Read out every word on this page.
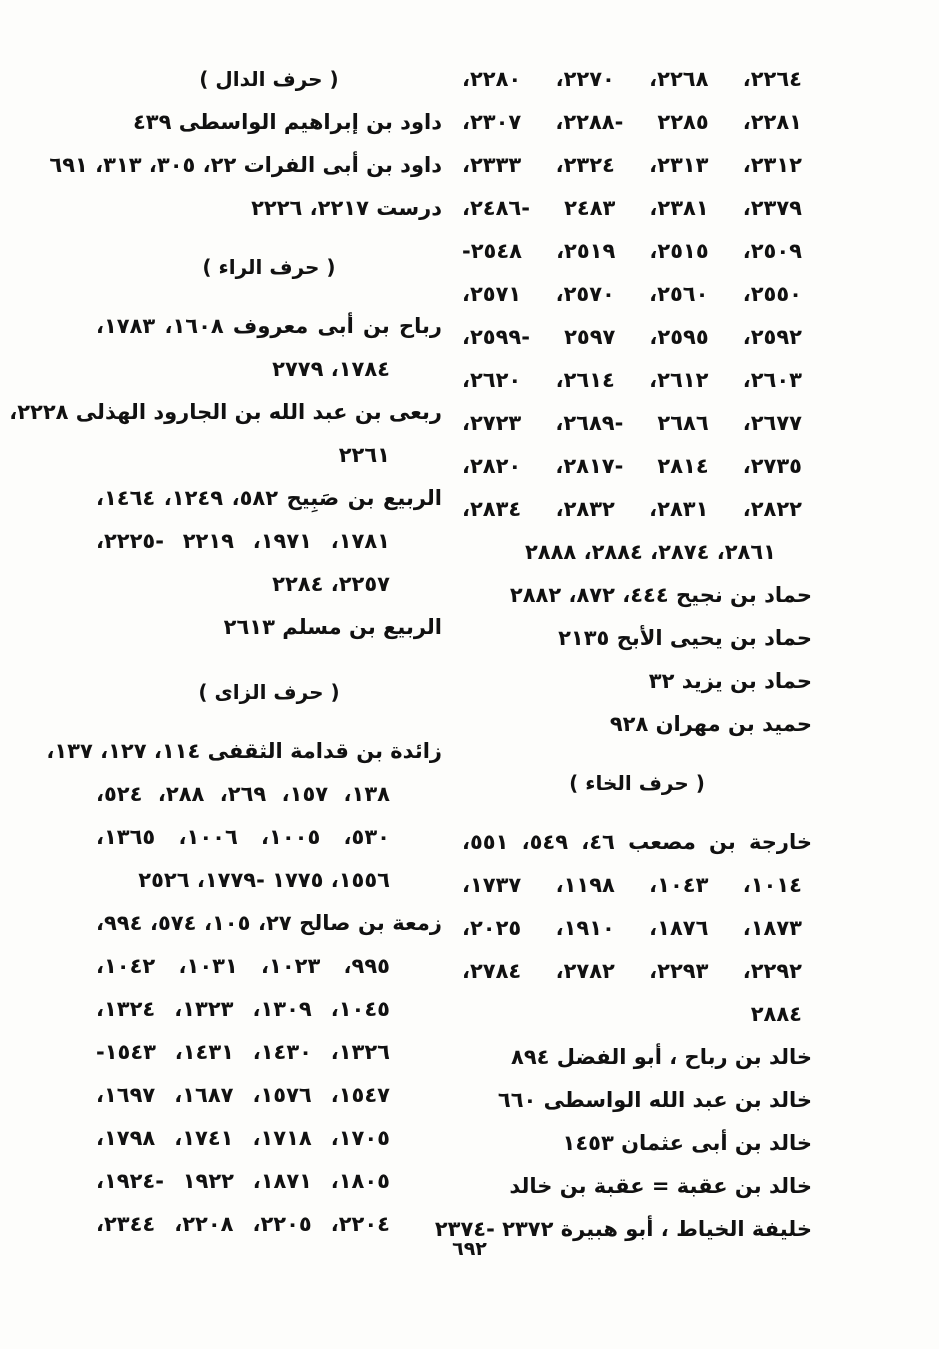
٢٢٦٤، ٢٢٦٨، ٢٢٧٠، ٢٢٨٠،
٢٢٨١، ٢٢٨٥ -٢٢٨٨، ٢٣٠٧،
٢٣١٢، ٢٣١٣، ٢٣٢٤، ٢٣٣٣،
٢٣٧٩، ٢٣٨١، ٢٤٨٣ -٢٤٨٦،
٢٥٠٩، ٢٥١٥، ٢٥١٩، ٢٥٤٨-
٢٥٥٠، ٢٥٦٠، ٢٥٧٠، ٢٥٧١،
٢٥٩٢، ٢٥٩٥، ٢٥٩٧ -٢٥٩٩،
٢٦٠٣، ٢٦١٢، ٢٦١٤، ٢٦٢٠،
٢٦٧٧، ٢٦٨٦ -٢٦٨٩، ٢٧٢٣،
٢٧٣٥، ٢٨١٤ -٢٨١٧، ٢٨٢٠،
٢٨٢٢، ٢٨٣١، ٢٨٣٢، ٢٨٣٤،
٢٨٦١، ٢٨٧٤، ٢٨٨٤، ٢٨٨٨
حماد بن نجيح ٤٤٤، ٨٧٢، ٢٨٨٢
حماد بن يحيى الأبح ٢١٣٥
حماد بن يزيد ٣٢
حميد بن مهران ٩٢٨
( حرف الخاء )
خارجة بن مصعب ٤٦، ٥٤٩، ٥٥١،
١٠١٤، ١٠٤٣، ١١٩٨، ١٧٣٧،
١٨٧٣، ١٨٧٦، ١٩١٠، ٢٠٢٥،
٢٢٩٢، ٢٢٩٣، ٢٧٨٢، ٢٧٨٤،
٢٨٨٤
خالد بن رباح ، أبو الفضل ٨٩٤
خالد بن عبد الله الواسطى ٦٦٠
خالد بن أبى عثمان ١٤٥٣
خالد بن عقبة = عقبة بن خالد
خليفة الخياط ، أبو هبيرة ٢٣٧٢ -٢٣٧٤
( حرف الدال )
داود بن إبراهيم الواسطى ٤٣٩
داود بن أبى الفرات ٢٢، ٣٠٥، ٣١٣، ٦٩١
درست ٢٢١٧، ٢٢٢٦
( حرف الراء )
رباح بن أبى معروف ١٦٠٨، ١٧٨٣،
١٧٨٤، ٢٧٧٩
ربعى بن عبد الله بن الجارود الهذلى ٢٢٢٨،
٢٢٦١
الربيع بن صَبِيح ٥٨٢، ١٢٤٩، ١٤٦٤،
١٧٨١، ١٩٧١، ٢٢١٩ -٢٢٢٥،
٢٢٥٧، ٢٢٨٤
الربيع بن مسلم ٢٦١٣
( حرف الزاى )
زائدة بن قدامة الثقفى ١١٤، ١٢٧، ١٣٧،
١٣٨، ١٥٧، ٢٦٩، ٢٨٨، ٥٢٤،
٥٣٠، ١٠٠٥، ١٠٠٦، ١٣٦٥،
١٥٥٦، ١٧٧٥ -١٧٧٩، ٢٥٢٦
زمعة بن صالح ٢٧، ١٠٥، ٥٧٤، ٩٩٤،
٩٩٥، ١٠٢٣، ١٠٣١، ١٠٤٢،
١٠٤٥، ١٣٠٩، ١٣٢٣، ١٣٢٤،
١٣٢٦، ١٤٣٠، ١٤٣١، ١٥٤٣-
١٥٤٧، ١٥٧٦، ١٦٨٧، ١٦٩٧،
١٧٠٥، ١٧١٨، ١٧٤١، ١٧٩٨،
١٨٠٥، ١٨٧١، ١٩٢٢ -١٩٢٤،
٢٢٠٤، ٢٢٠٥، ٢٢٠٨، ٢٣٤٤،
٦٩٢
